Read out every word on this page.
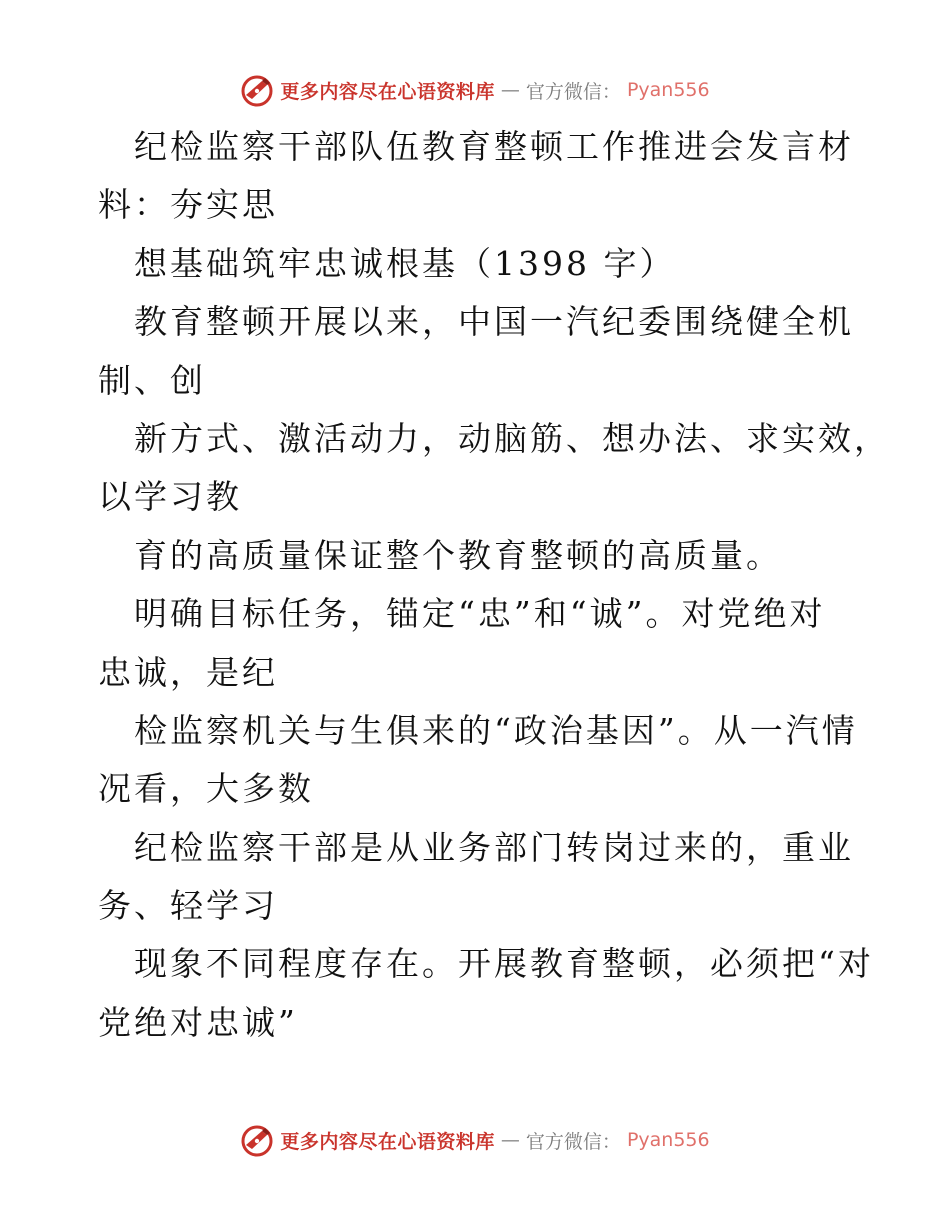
更多内容尽在心语资料库 — 官方微信： Pyan556
纪检监察干部队伍教育整顿工作推进会发言材
料：夯实思
想基础筑牢忠诚根基（1398 字）
教育整顿开展以来，中国一汽纪委围绕健全机
制、创
新方式、激活动力，动脑筋、想办法、求实效，
以学习教
育的高质量保证整个教育整顿的高质量。
明确目标任务，锚定“忠”和“诚”。对党绝对
忠诚，是纪
检监察机关与生俱来的“政治基因”。从一汽情
况看，大多数
纪检监察干部是从业务部门转岗过来的，重业
务、轻学习
现象不同程度存在。开展教育整顿，必须把“对
党绝对忠诚”
更多内容尽在心语资料库 — 官方微信： Pyan556
